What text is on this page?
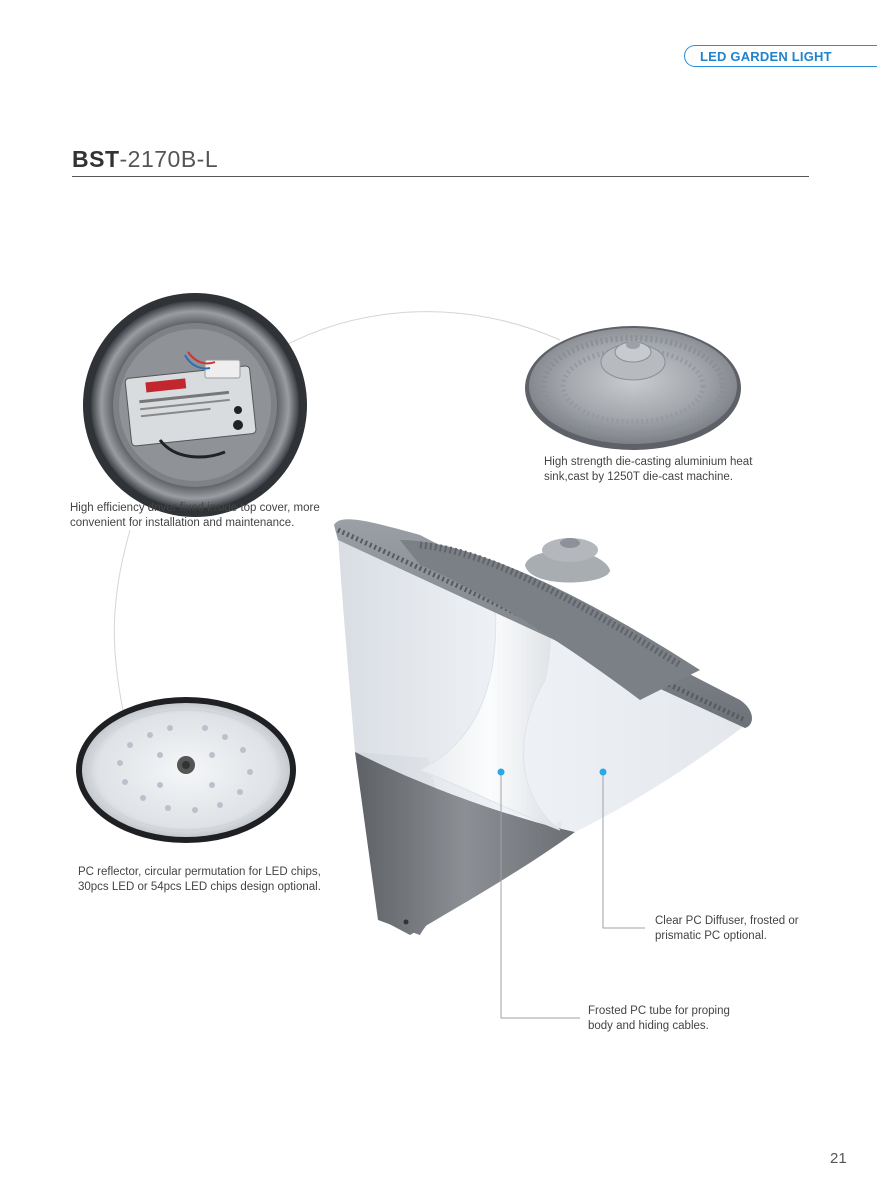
LED GARDEN LIGHT
BST-2170B-L
High strength die-casting aluminium heat
sink,cast by 1250T die-cast machine.
High efficiency driver fixed inside top cover, more
convenient for installation and maintenance.
PC reflector, circular permutation for LED chips,
30pcs LED or 54pcs LED chips design optional.
Clear PC Diffuser, frosted or
prismatic PC optional.
Frosted PC tube for proping
body and hiding cables.
21
